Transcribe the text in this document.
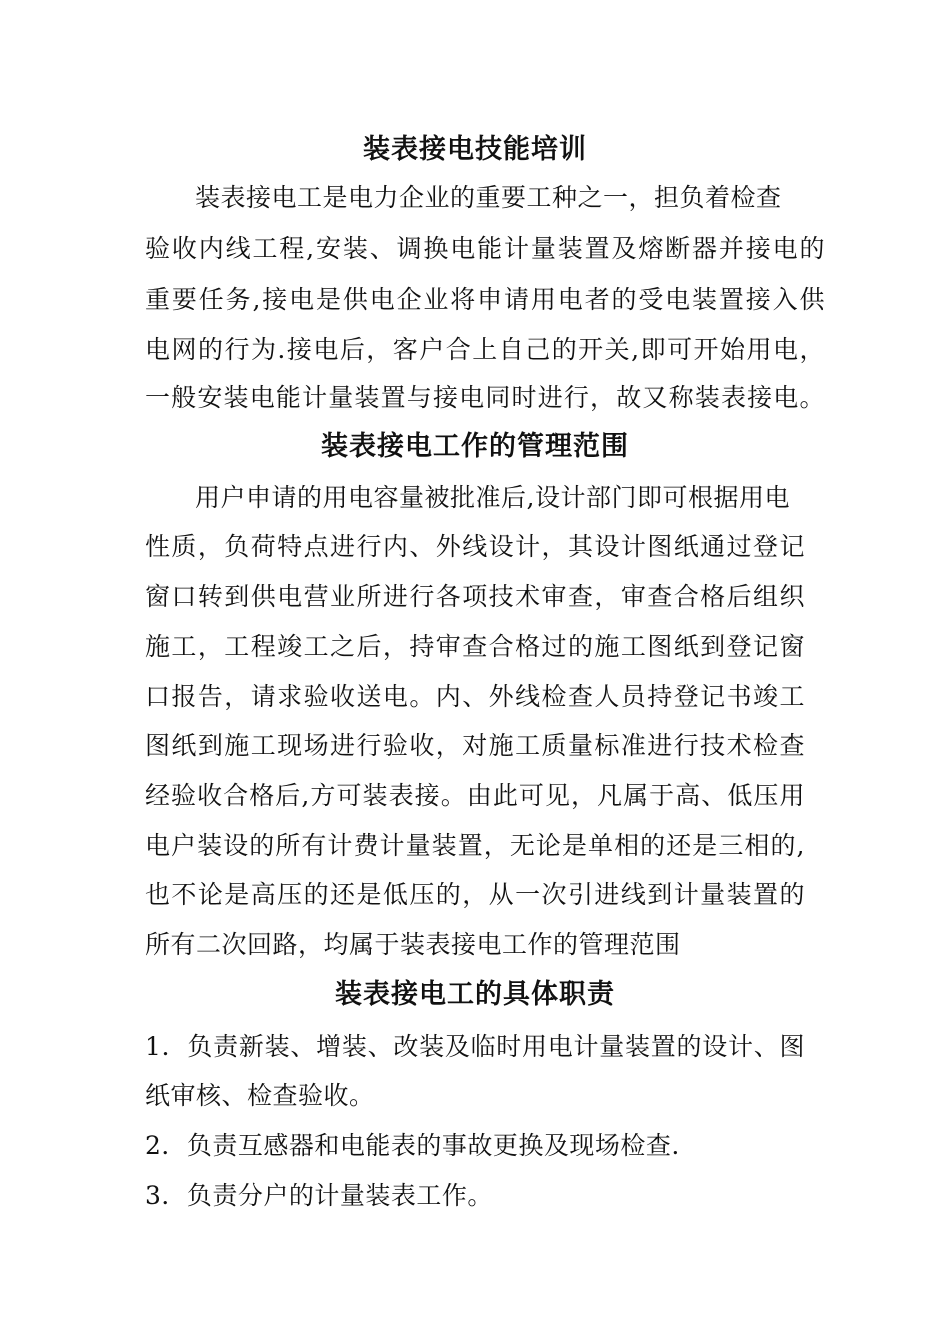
装表接电技能培训
装表接电工是电力企业的重要工种之一，担负着检查
验收内线工程,安装、调换电能计量装置及熔断器并接电的
重要任务,接电是供电企业将申请用电者的受电装置接入供
电网的行为.接电后，客户合上自己的开关,即可开始用电，
一般安装电能计量装置与接电同时进行，故又称装表接电。
装表接电工作的管理范围
用户申请的用电容量被批准后,设计部门即可根据用电
性质，负荷特点进行内、外线设计，其设计图纸通过登记
窗口转到供电营业所进行各项技术审查，审查合格后组织
施工，工程竣工之后，持审查合格过的施工图纸到登记窗
口报告，请求验收送电。内、外线检查人员持登记书竣工
图纸到施工现场进行验收，对施工质量标准进行技术检查
经验收合格后,方可装表接。由此可见，凡属于高、低压用
电户装设的所有计费计量装置，无论是单相的还是三相的,
也不论是高压的还是低压的，从一次引进线到计量装置的
所有二次回路，均属于装表接电工作的管理范围
装表接电工的具体职责
1．负责新装、增装、改装及临时用电计量装置的设计、图
纸审核、检查验收。
2．负责互感器和电能表的事故更换及现场检查.
3．负责分户的计量装表工作。
